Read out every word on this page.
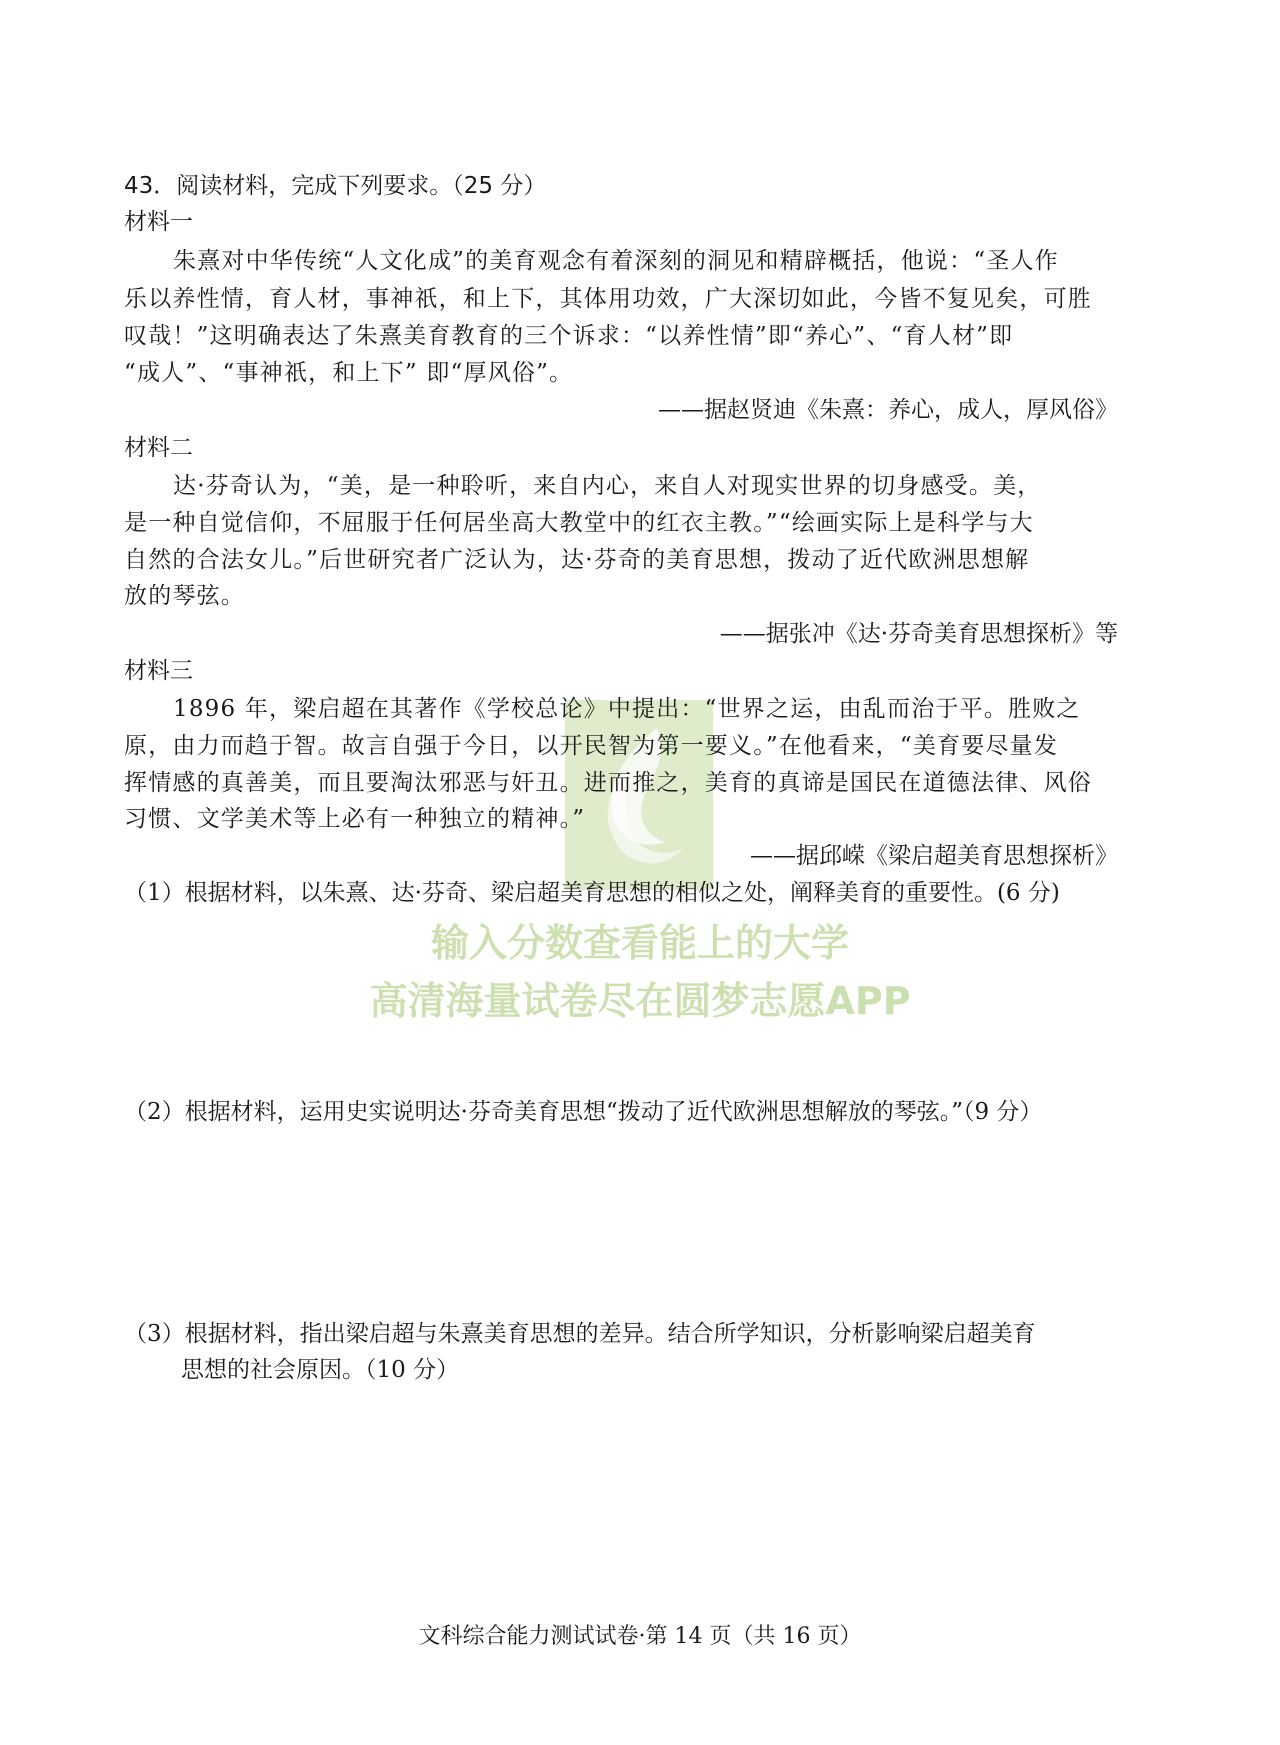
43．阅读材料，完成下列要求。（25 分）
材料一
朱熹对中华传统“人文化成”的美育观念有着深刻的洞见和精辟概括，他说：“圣人作
乐以养性情，育人材，事神祇，和上下，其体用功效，广大深切如此，今皆不复见矣，可胜
叹哉！”这明确表达了朱熹美育教育的三个诉求：“以养性情”即“养心”、“育人材”即
“成人”、“事神祇，和上下” 即“厚风俗”。
——据赵贤迪《朱熹：养心，成人，厚风俗》
材料二
达·芬奇认为，“美，是一种聆听，来自内心，来自人对现实世界的切身感受。美，
是一种自觉信仰，不屈服于任何居坐高大教堂中的红衣主教。”“绘画实际上是科学与大
自然的合法女儿。”后世研究者广泛认为，达·芬奇的美育思想，拨动了近代欧洲思想解
放的琴弦。
——据张冲《达·芬奇美育思想探析》等
材料三
1896 年，梁启超在其著作《学校总论》中提出：“世界之运，由乱而治于平。胜败之
原，由力而趋于智。故言自强于今日，以开民智为第一要义。”在他看来，“美育要尽量发
挥情感的真善美，而且要淘汰邪恶与奸丑。进而推之，美育的真谛是国民在道德法律、风俗
习惯、文学美术等上必有一种独立的精神。”
——据邱嵘《梁启超美育思想探析》
（1）根据材料，以朱熹、达·芬奇、梁启超美育思想的相似之处，阐释美育的重要性。(6 分)
输入分数查看能上的大学
高清海量试卷尽在圆梦志愿APP
（2）根据材料，运用史实说明达·芬奇美育思想“拨动了近代欧洲思想解放的琴弦。”（9 分）
（3）根据材料，指出梁启超与朱熹美育思想的差异。结合所学知识，分析影响梁启超美育
思想的社会原因。（10 分）
文科综合能力测试试卷·第 14 页（共 16 页）
